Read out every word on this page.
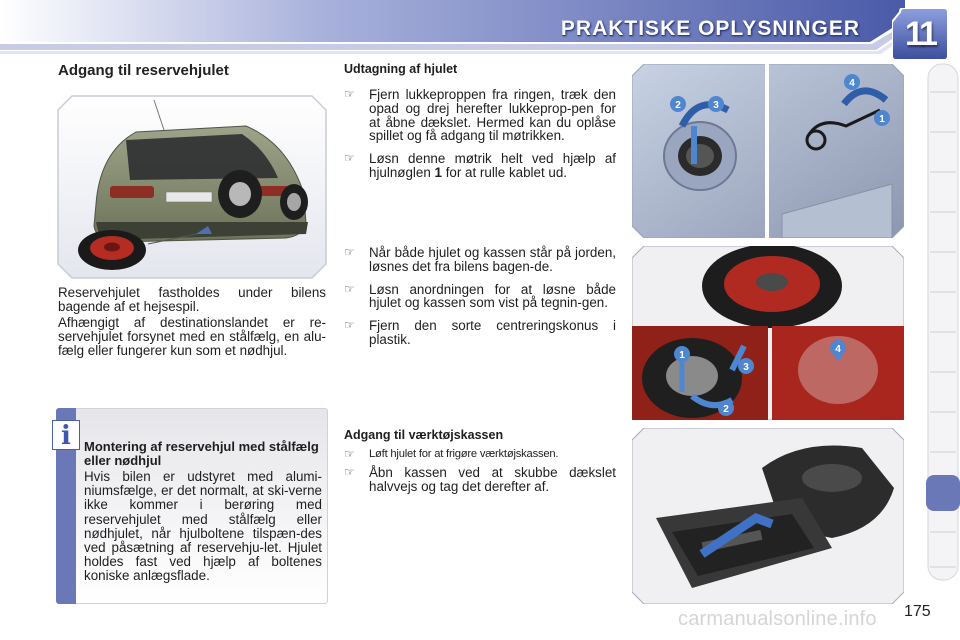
PRAKTISKE OPLYSNINGER	11
Adgang til reservehjulet
Reservehjulet fastholdes under bilens bagende af et hejsespil.
Afhængigt af destinationslandet er re-servehjulet forsynet med en stålfælg, en alu-fælg eller fungerer kun som et nødhjul.
i	Montering af reservehjul med stålfælg eller nødhjul
Hvis bilen er udstyret med alumi-niumsfælge, er det normalt, at ski-verne ikke kommer i berøring med reservehjulet med stålfælg eller nødhjulet, når hjulboltene tilspæn-des ved påsætning af reservehju-let. Hjulet holdes fast ved hjælp af boltenes koniske anlægsflade.
Udtagning af hjulet
☞	Fjern lukkeproppen fra ringen, træk den opad og drej herefter lukkeprop-pen for at åbne dækslet. Hermed kan du oplåse spillet og få adgang til møtrikken.
☞	Løsn denne møtrik helt ved hjælp af hjulnøglen 1 for at rulle kablet ud.
☞	Når både hjulet og kassen står på jorden, løsnes det fra bilens bagen-de.
☞	Løsn anordningen for at løsne både hjulet og kassen som vist på tegnin-gen.
☞	Fjern den sorte centreringskonus i plastik.
Adgang til værktøjskassen
☞	Løft hjulet for at frigøre værktøjskassen.
☞	Åbn kassen ved at skubbe dækslet halvvejs og tag det derefter af.
2	3
4
1
1
2
3
4
175
carmanualsonline.info
